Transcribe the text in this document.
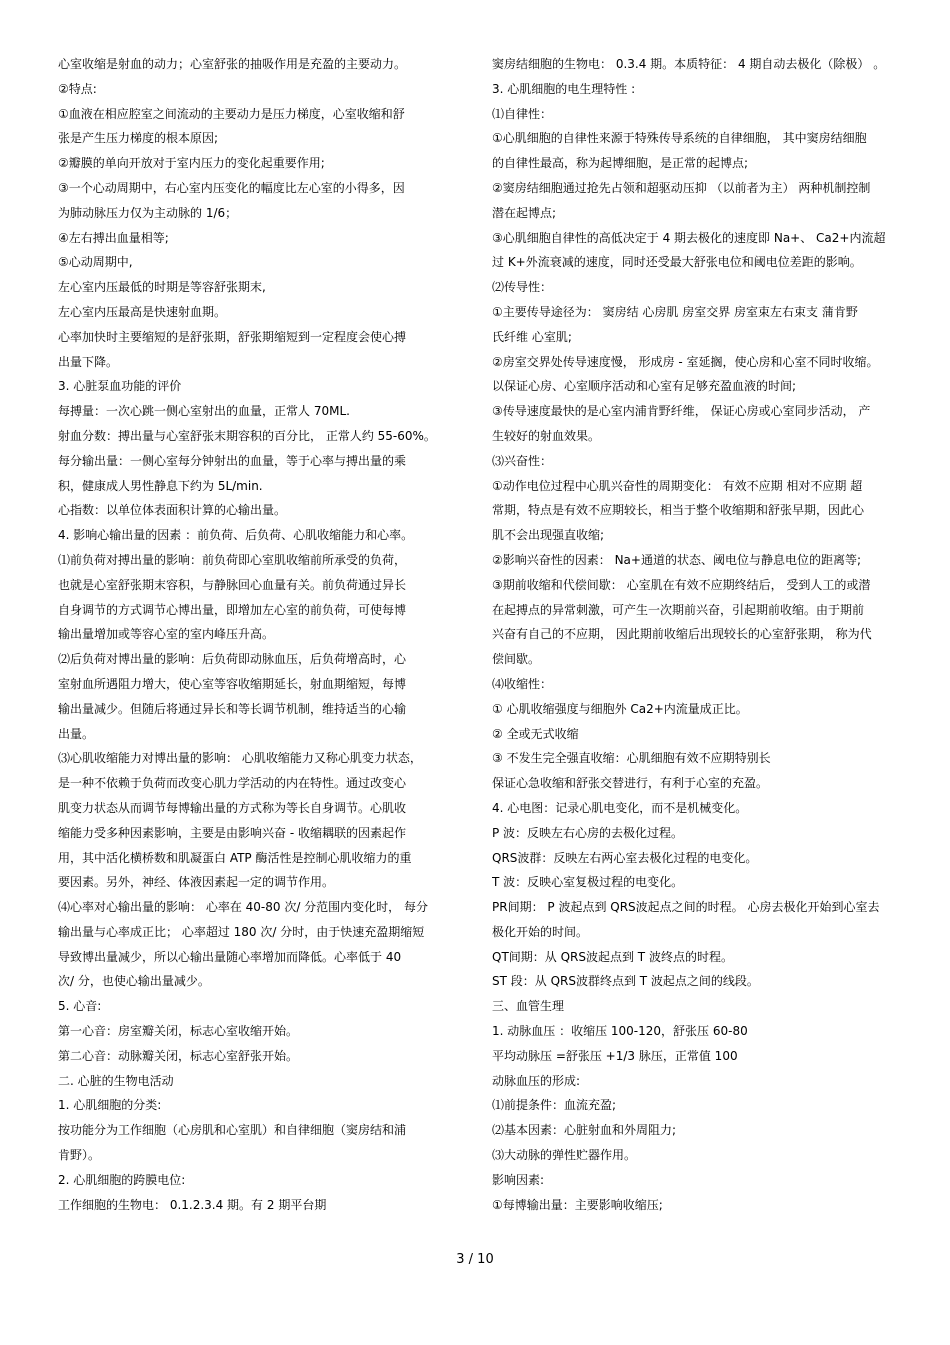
心室收缩是射血的动力；心室舒张的抽吸作用是充盈的主要动力。
②特点:
①血液在相应腔室之间流动的主要动力是压力梯度，心室收缩和舒
张是产生压力梯度的根本原因;
②瓣膜的单向开放对于室内压力的变化起重要作用;
③一个心动周期中，右心室内压变化的幅度比左心室的小得多，因
为肺动脉压力仅为主动脉的 1/6；
④左右搏出血量相等;
⑤心动周期中,
左心室内压最低的时期是等容舒张期末,
左心室内压最高是快速射血期。
心率加快时主要缩短的是舒张期，舒张期缩短到一定程度会使心搏
出量下降。
3. 心脏泵血功能的评价
每搏量：一次心跳一侧心室射出的血量，正常人 70ML.
射血分数：搏出量与心室舒张末期容积的百分比， 正常人约 55-60%。
每分输出量：一侧心室每分钟射出的血量，等于心率与搏出量的乘
积，健康成人男性静息下约为 5L/min.
心指数：以单位体表面积计算的心输出量。
4. 影响心输出量的因素 ：前负荷、后负荷、心肌收缩能力和心率。
⑴前负荷对搏出量的影响：前负荷即心室肌收缩前所承受的负荷，
也就是心室舒张期末容积，与静脉回心血量有关。前负荷通过异长
自身调节的方式调节心博出量，即增加左心室的前负荷，可使每博
输出量增加或等容心室的室内峰压升高。
⑵后负荷对博出量的影响：后负荷即动脉血压，后负荷增高时，心
室射血所遇阻力增大，使心室等容收缩期延长，射血期缩短，每博
输出量减少。但随后将通过异长和等长调节机制，维持适当的心输
出量。
⑶心肌收缩能力对博出量的影响： 心肌收缩能力又称心肌变力状态，
是一种不依赖于负荷而改变心肌力学活动的内在特性。通过改变心
肌变力状态从而调节每博输出量的方式称为等长自身调节。心肌收
缩能力受多种因素影响，主要是由影响兴奋 - 收缩耦联的因素起作
用，其中活化横桥数和肌凝蛋白 ATP 酶活性是控制心肌收缩力的重
要因素。另外，神经、体液因素起一定的调节作用。
⑷心率对心输出量的影响： 心率在 40-80 次/ 分范围内变化时， 每分
输出量与心率成正比； 心率超过 180 次/ 分时，由于快速充盈期缩短
导致博出量减少，所以心输出量随心率增加而降低。心率低于 40
次/ 分，也使心输出量减少。
5. 心音:
第一心音：房室瓣关闭，标志心室收缩开始。
第二心音：动脉瓣关闭，标志心室舒张开始。
二. 心脏的生物电活动
1. 心肌细胞的分类:
按功能分为工作细胞（心房肌和心室肌）和自律细胞（窦房结和浦
肯野）。
2. 心肌细胞的跨膜电位:
工作细胞的生物电： 0.1.2.3.4 期。有 2 期平台期
窦房结细胞的生物电： 0.3.4 期。本质特征： 4 期自动去极化（除极） 。
3. 心肌细胞的电生理特性 :
⑴自律性：
①心肌细胞的自律性来源于特殊传导系统的自律细胞， 其中窦房结细胞
的自律性最高，称为起博细胞，是正常的起博点;
②窦房结细胞通过抢先占领和超驱动压抑 （以前者为主） 两种机制控制
潜在起博点;
③心肌细胞自律性的高低决定于 4 期去极化的速度即 Na+、 Ca2+内流超
过 K+外流衰减的速度，同时还受最大舒张电位和阈电位差距的影响。
⑵传导性：
①主要传导途径为： 窦房结 心房肌 房室交界 房室束左右束支 蒲肯野
氏纤维 心室肌;
②房室交界处传导速度慢， 形成房 - 室延搁，使心房和心室不同时收缩。
以保证心房、心室顺序活动和心室有足够充盈血液的时间;
③传导速度最快的是心室内浦肯野纤维， 保证心房或心室同步活动， 产
生较好的射血效果。
⑶兴奋性：
①动作电位过程中心肌兴奋性的周期变化： 有效不应期 相对不应期 超
常期，特点是有效不应期较长，相当于整个收缩期和舒张早期，因此心
肌不会出现强直收缩;
②影响兴奋性的因素： Na+通道的状态、阈电位与静息电位的距离等;
③期前收缩和代偿间歇： 心室肌在有效不应期终结后， 受到人工的或潜
在起搏点的异常刺激，可产生一次期前兴奋，引起期前收缩。由于期前
兴奋有自己的不应期， 因此期前收缩后出现较长的心室舒张期， 称为代
偿间歇。
⑷收缩性：
① 心肌收缩强度与细胞外 Ca2+内流量成正比。
② 全或无式收缩
③ 不发生完全强直收缩：心肌细胞有效不应期特别长
保证心急收缩和舒张交替进行，有利于心室的充盈。
4. 心电图：记录心肌电变化，而不是机械变化。
P 波：反映左右心房的去极化过程。
QRS波群：反映左右两心室去极化过程的电变化。
T 波：反映心室复极过程的电变化。
PR间期： P 波起点到 QRS波起点之间的时程。 心房去极化开始到心室去
极化开始的时间。
QT间期：从 QRS波起点到 T 波终点的时程。
ST 段：从 QRS波群终点到 T 波起点之间的线段。
三、血管生理
1. 动脉血压 ：收缩压 100-120，舒张压 60-80
平均动脉压 =舒张压 +1/3 脉压，正常值 100
动脉血压的形成:
⑴前提条件：血流充盈;
⑵基本因素：心脏射血和外周阻力;
⑶大动脉的弹性贮器作用。
影响因素:
①每博输出量：主要影响收缩压;
3 / 10
